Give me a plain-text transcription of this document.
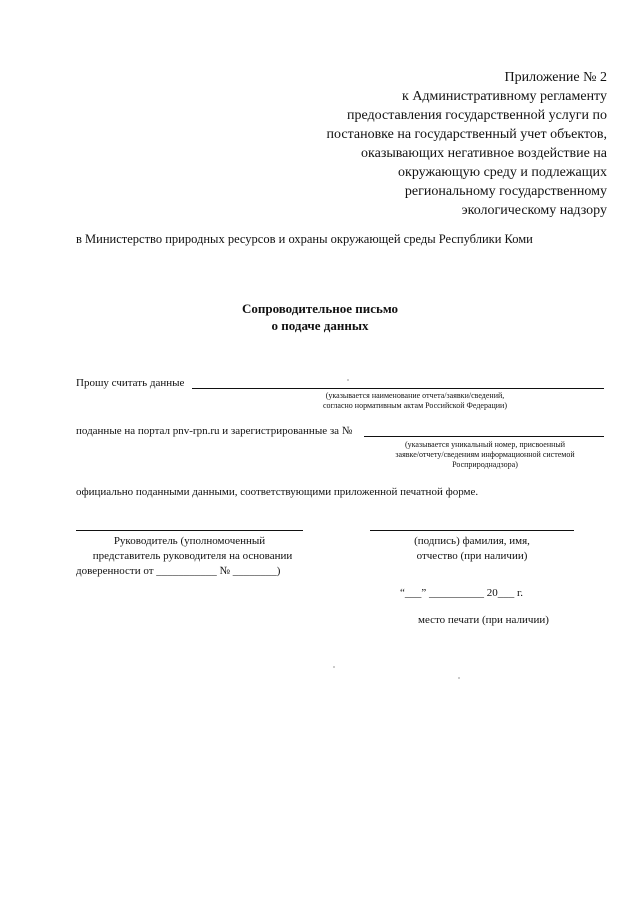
Приложение № 2
к Административному регламенту
предоставления государственной услуги по
постановке на государственный учет объектов,
оказывающих негативное воздействие на
окружающую среду и подлежащих
региональному государственному
экологическому надзору
в Министерство природных ресурсов и охраны окружающей среды Республики Коми
Сопроводительное письмо
о подаче данных
Прошу считать данные
(указывается наименование отчета/заявки/сведений,
согласно нормативным актам Российской Федерации)
поданные на портал pnv-rpn.ru и зарегистрированные за №
(указывается уникальный номер, присвоенный
заявке/отчету/сведениям информационной системой
Росприроднадзора)
официально поданными данными, соответствующими приложенной печатной форме.
Руководитель (уполномоченный
представитель руководителя на основании
доверенности от ___________ № ________)
(подпись) фамилия, имя,
отчество (при наличии)
“___” __________ 20___ г.
место печати (при наличии)
